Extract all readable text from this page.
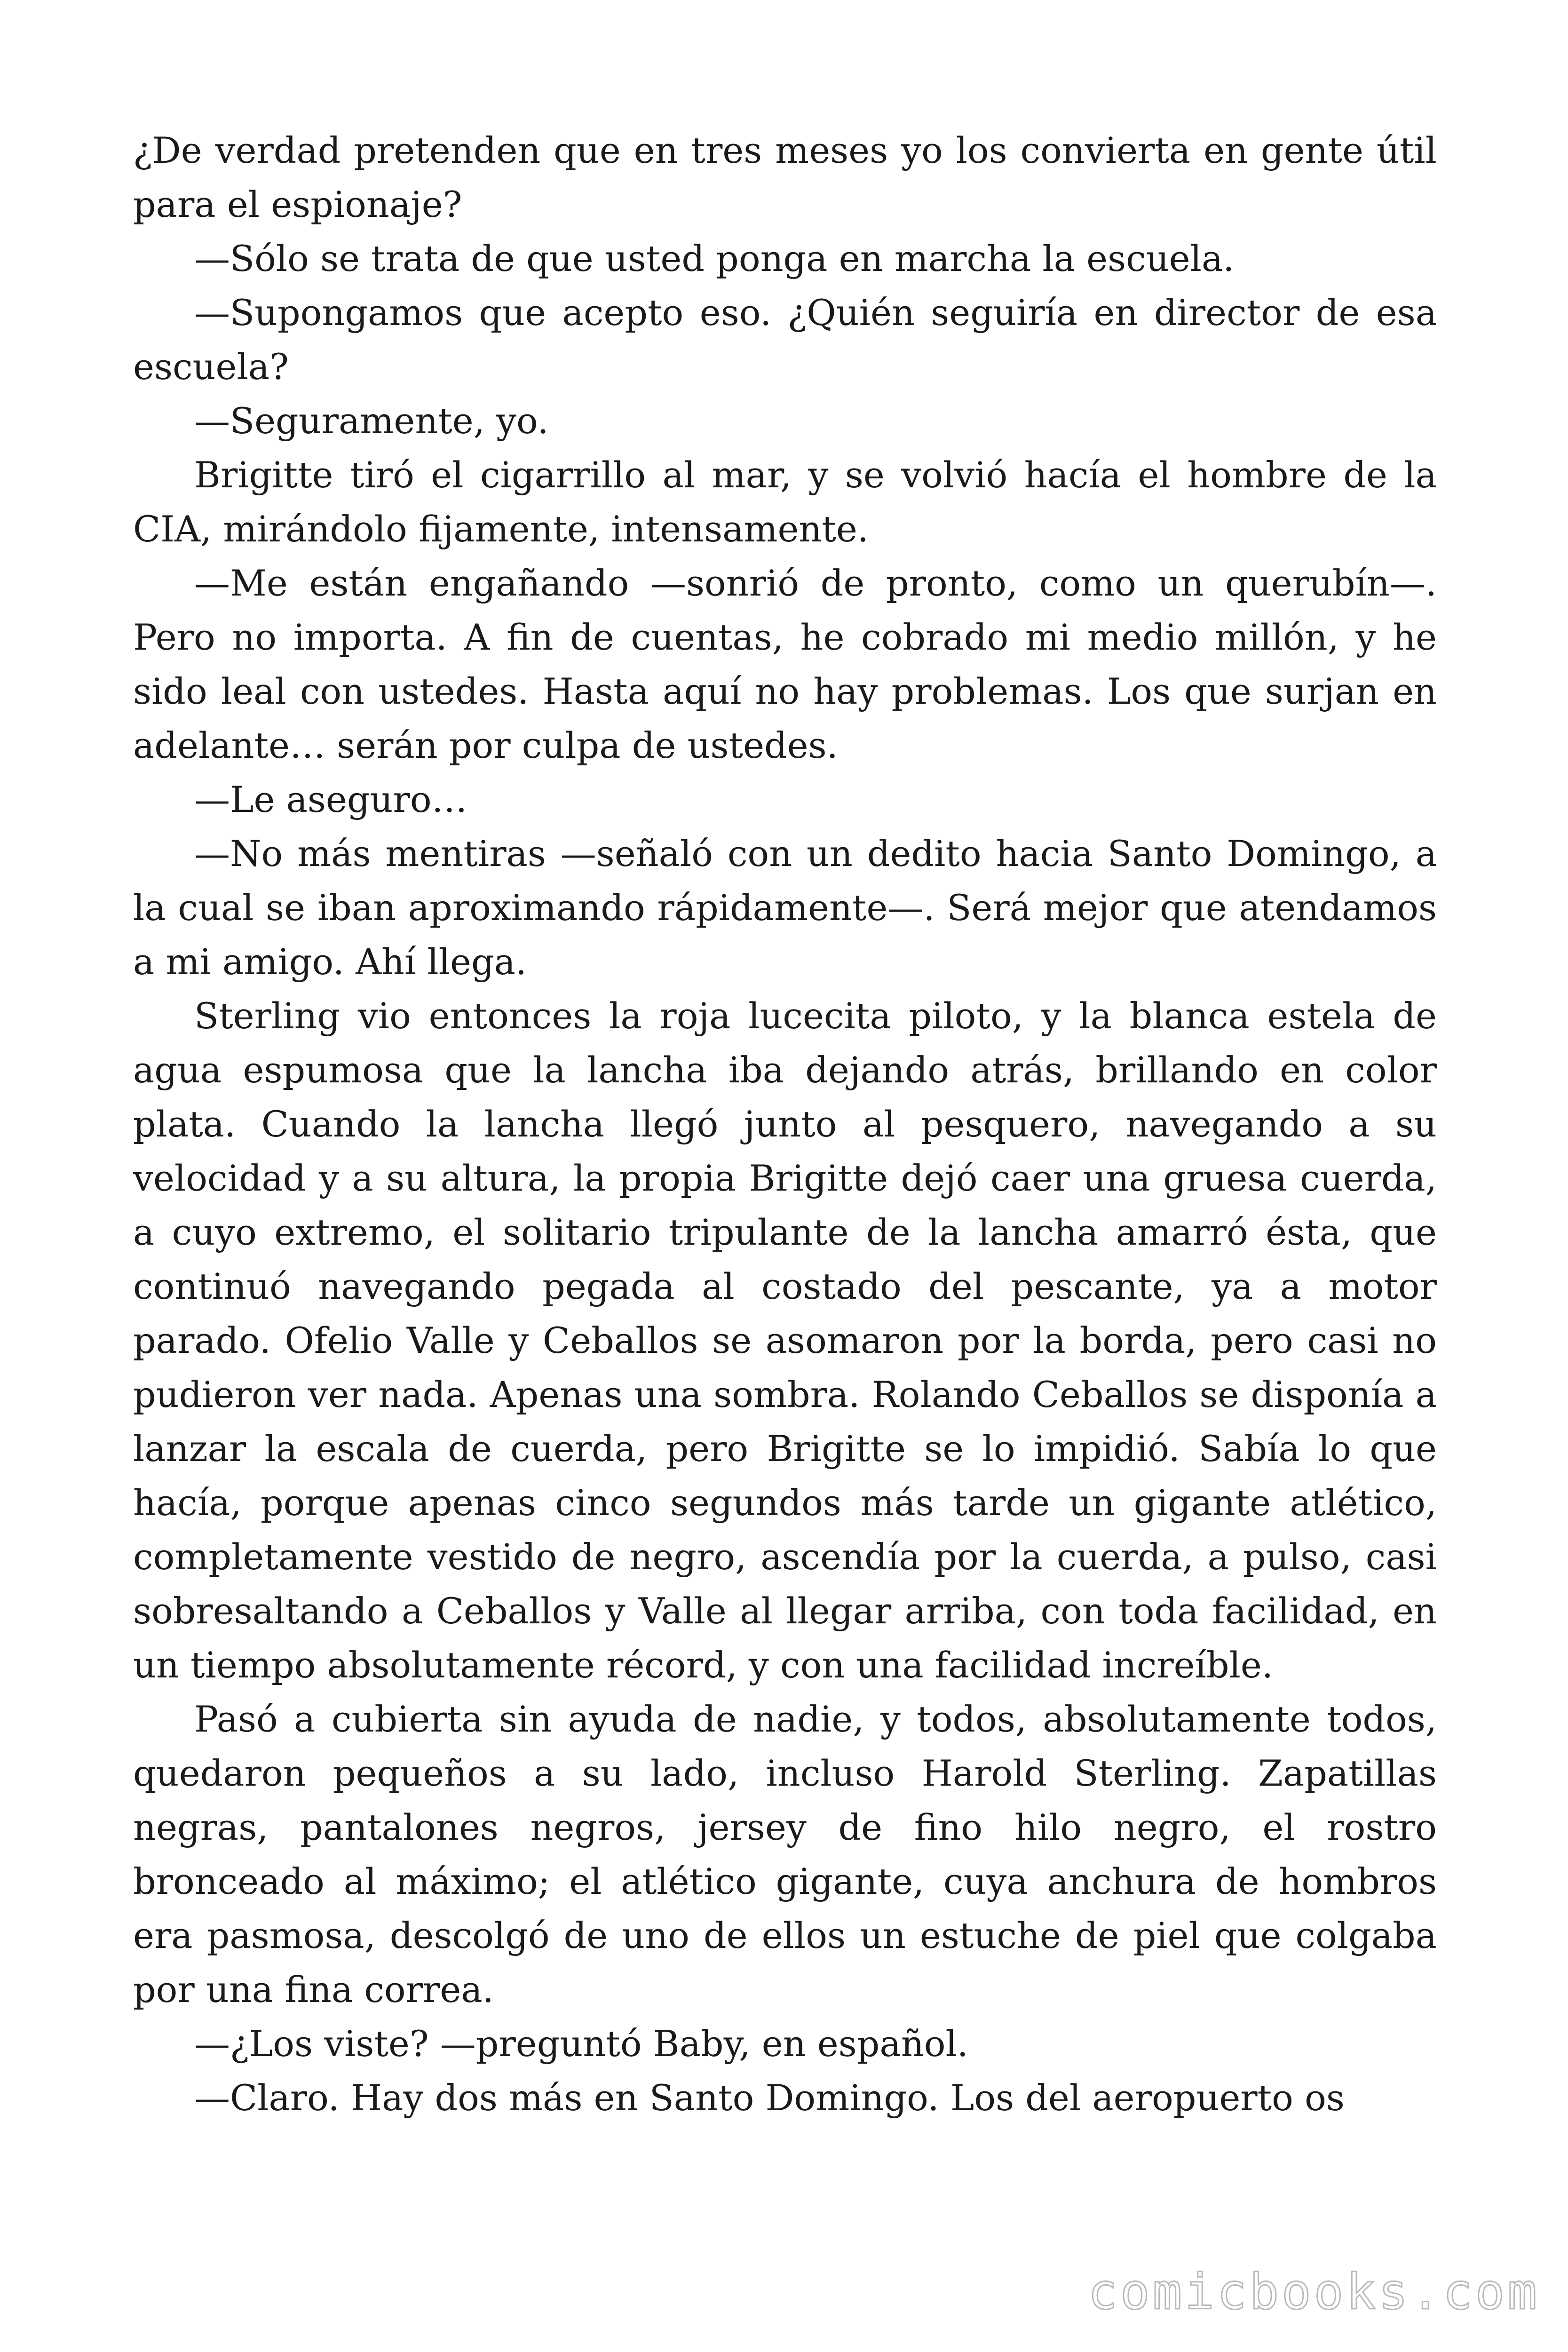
¿De verdad pretenden que en tres meses yo los convierta en gente útil para el espionaje?

—Sólo se trata de que usted ponga en marcha la escuela.

—Supongamos que acepto eso. ¿Quién seguiría en director de esa escuela?

—Seguramente, yo.

Brigitte tiró el cigarrillo al mar, y se volvió hacía el hombre de la CIA, mirándolo fijamente, intensamente.

—Me están engañando —sonrió de pronto, como un querubín—. Pero no importa. A fin de cuentas, he cobrado mi medio millón, y he sido leal con ustedes. Hasta aquí no hay problemas. Los que surjan en adelante… serán por culpa de ustedes.

—Le aseguro…

—No más mentiras —señaló con un dedito hacia Santo Domingo, a la cual se iban aproximando rápidamente—. Será mejor que atendamos a mi amigo. Ahí llega.

Sterling vio entonces la roja lucecita piloto, y la blanca estela de agua espumosa que la lancha iba dejando atrás, brillando en color plata. Cuando la lancha llegó junto al pesquero, navegando a su velocidad y a su altura, la propia Brigitte dejó caer una gruesa cuerda, a cuyo extremo, el solitario tripulante de la lancha amarró ésta, que continuó navegando pegada al costado del pescante, ya a motor parado. Ofelio Valle y Ceballos se asomaron por la borda, pero casi no pudieron ver nada. Apenas una sombra. Rolando Ceballos se disponía a lanzar la escala de cuerda, pero Brigitte se lo impidió. Sabía lo que hacía, porque apenas cinco segundos más tarde un gigante atlético, completamente vestido de negro, ascendía por la cuerda, a pulso, casi sobresaltando a Ceballos y Valle al llegar arriba, con toda facilidad, en un tiempo absolutamente récord, y con una facilidad increíble.

Pasó a cubierta sin ayuda de nadie, y todos, absolutamente todos, quedaron pequeños a su lado, incluso Harold Sterling. Zapatillas negras, pantalones negros, jersey de fino hilo negro, el rostro bronceado al máximo; el atlético gigante, cuya anchura de hombros era pasmosa, descolgó de uno de ellos un estuche de piel que colgaba por una fina correa.

—¿Los viste? —preguntó Baby, en español.

—Claro. Hay dos más en Santo Domingo. Los del aeropuerto os

comicbooks.com
